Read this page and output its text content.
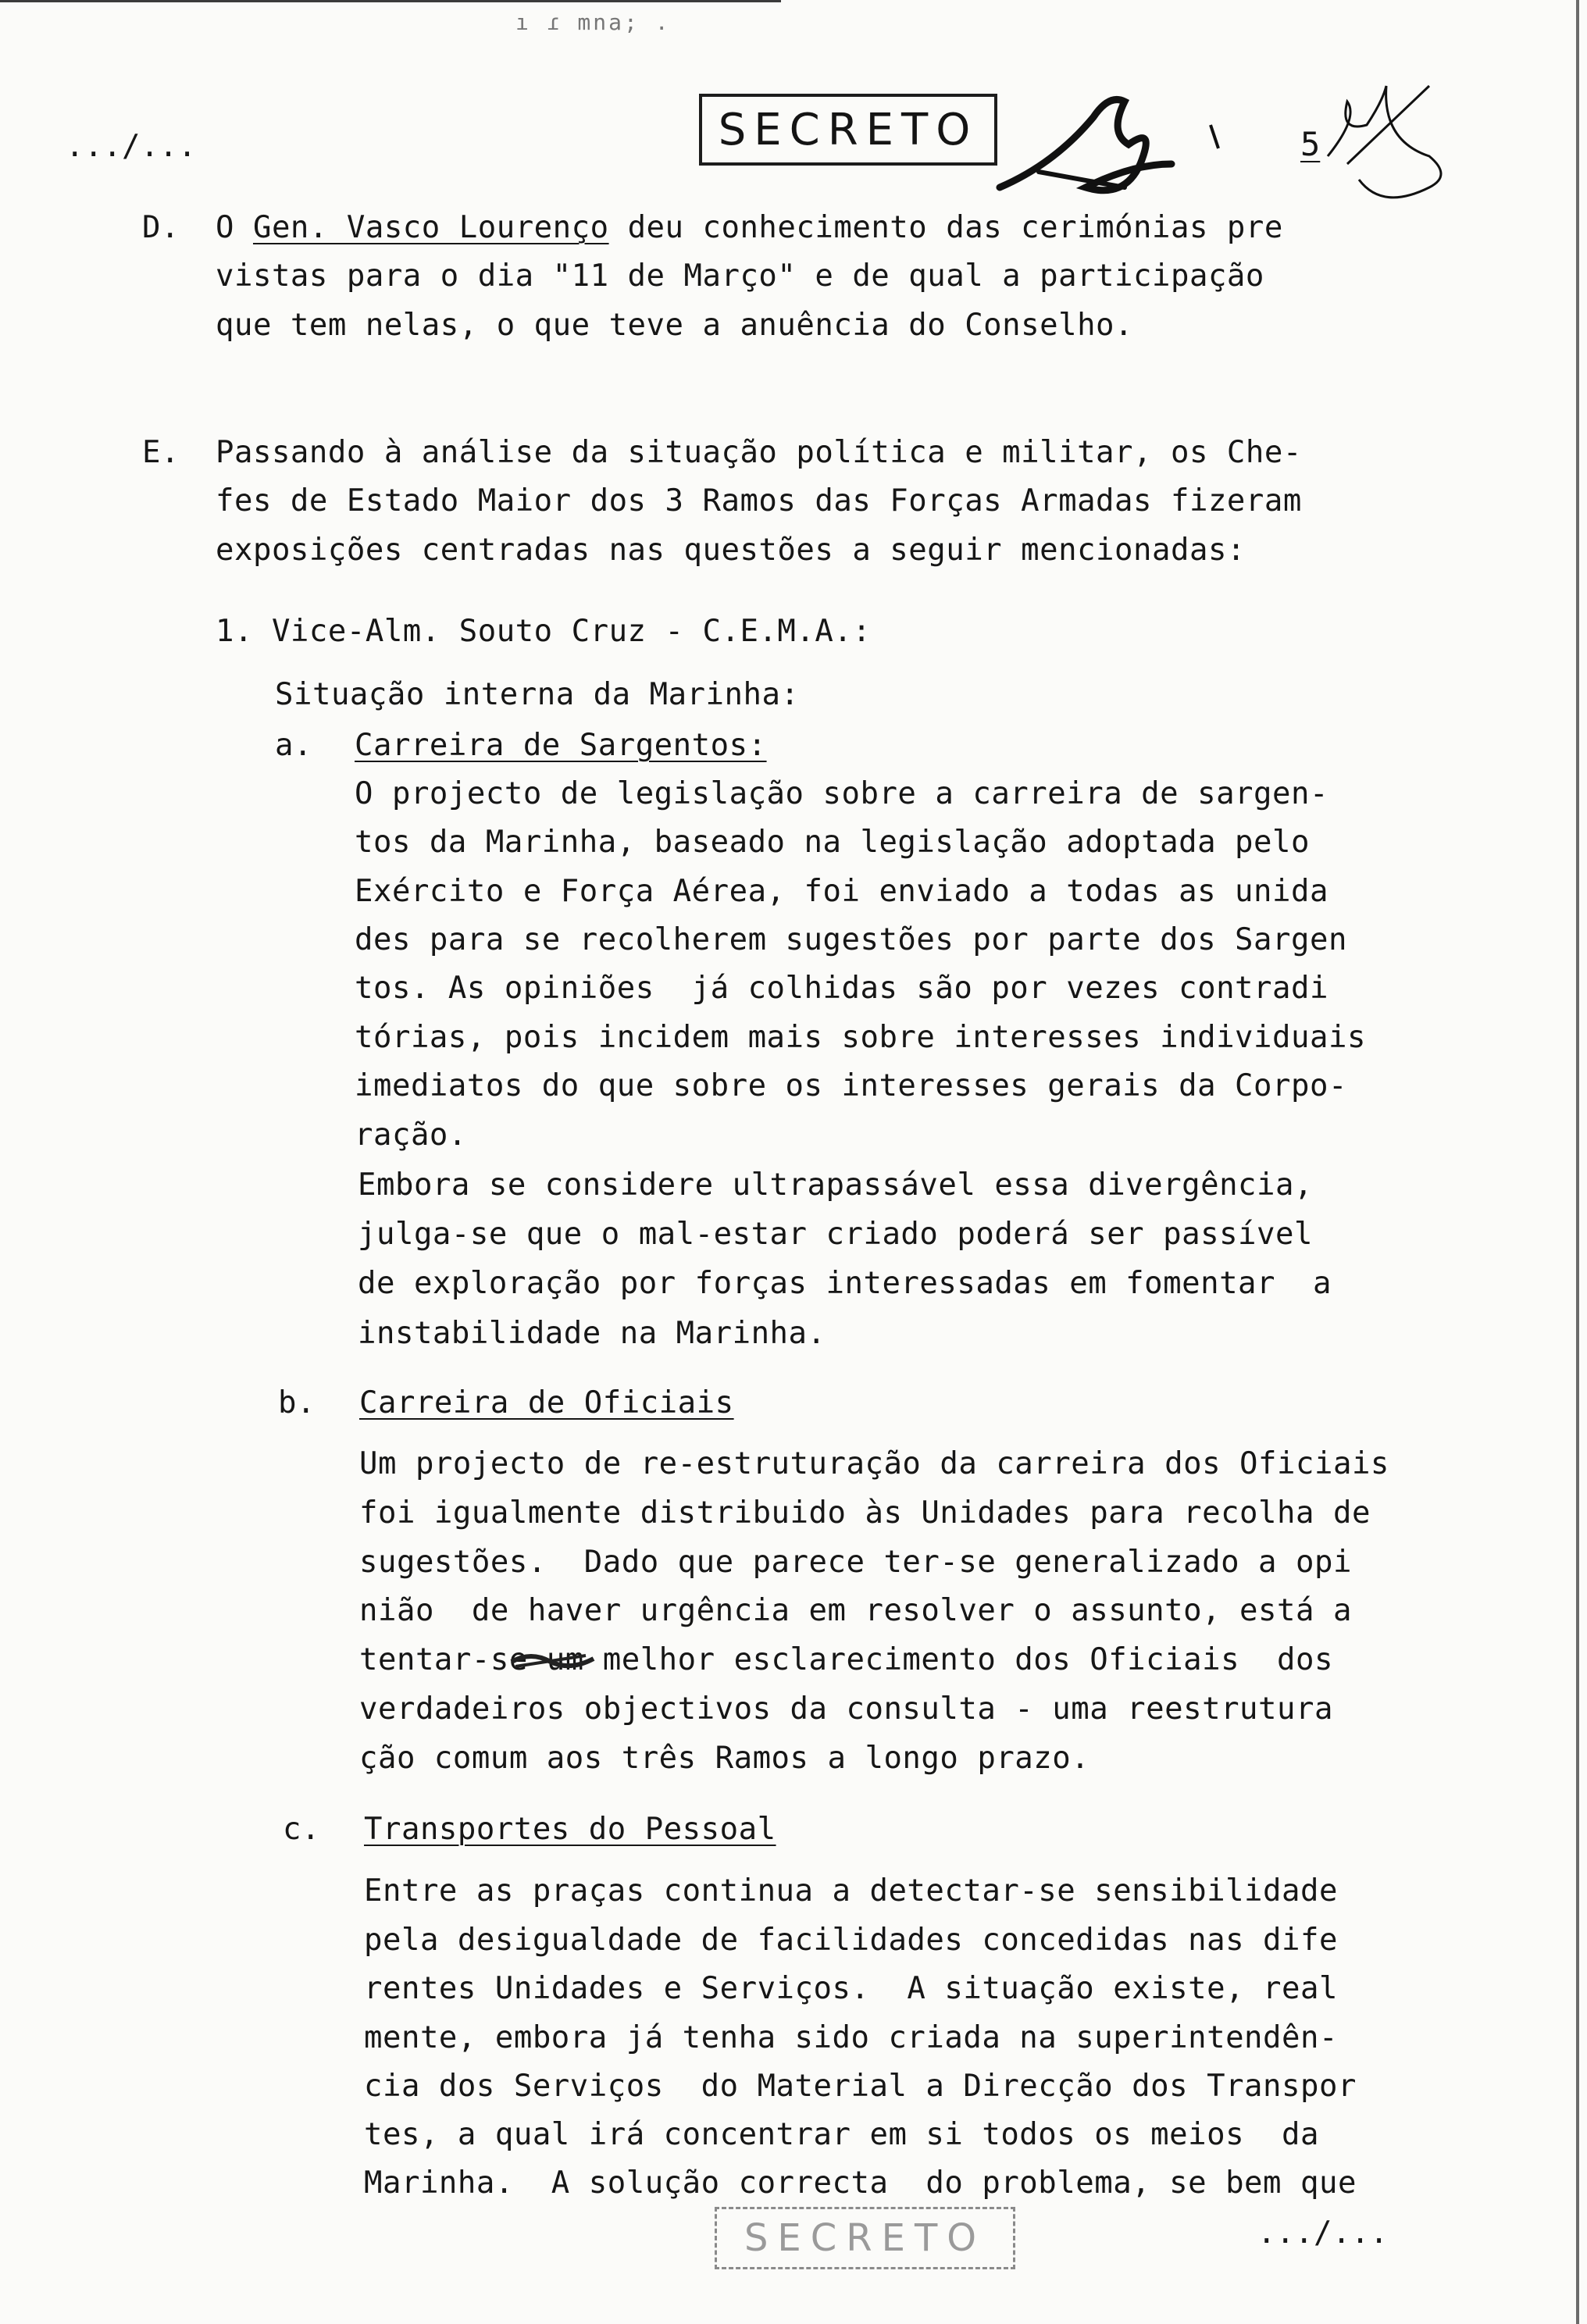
ı ɾ mna; .
.../...	SECRETO	5
D. O Gen. Vasco Lourenço deu conhecimento das cerimónias pre
vistas para o dia "11 de Março" e de qual a participação
que tem nelas, o que teve a anuência do Conselho.
E. Passando à análise da situação política e militar, os Che-
fes de Estado Maior dos 3 Ramos das Forças Armadas fizeram
exposições centradas nas questões a seguir mencionadas:
1. Vice-Alm. Souto Cruz - C.E.M.A.:
Situação interna da Marinha:
a. Carreira de Sargentos:
O projecto de legislação sobre a carreira de sargen-
tos da Marinha, baseado na legislação adoptada pelo
Exército e Força Aérea, foi enviado a todas as unida
des para se recolherem sugestões por parte dos Sargen
tos. As opiniões  já colhidas são por vezes contradi
tórias, pois incidem mais sobre interesses individuais
imediatos do que sobre os interesses gerais da Corpo-
ração.
Embora se considere ultrapassável essa divergência,
julga-se que o mal-estar criado poderá ser passível
de exploração por forças interessadas em fomentar  a
instabilidade na Marinha.
b. Carreira de Oficiais
Um projecto de re-estruturação da carreira dos Oficiais
foi igualmente distribuido às Unidades para recolha de
sugestões.  Dado que parece ter-se generalizado a opi
nião  de haver urgência em resolver o assunto, está a
tentar-se um melhor esclarecimento dos Oficiais  dos
verdadeiros objectivos da consulta - uma reestrutura
ção comum aos três Ramos a longo prazo.
c. Transportes do Pessoal
Entre as praças continua a detectar-se sensibilidade
pela desigualdade de facilidades concedidas nas dife
rentes Unidades e Serviços.  A situação existe, real
mente, embora já tenha sido criada na superintendên-
cia dos Serviços  do Material a Direcção dos Transpor
tes, a qual irá concentrar em si todos os meios  da
Marinha.  A solução correcta  do problema, se bem que
SECRETO	.../...
